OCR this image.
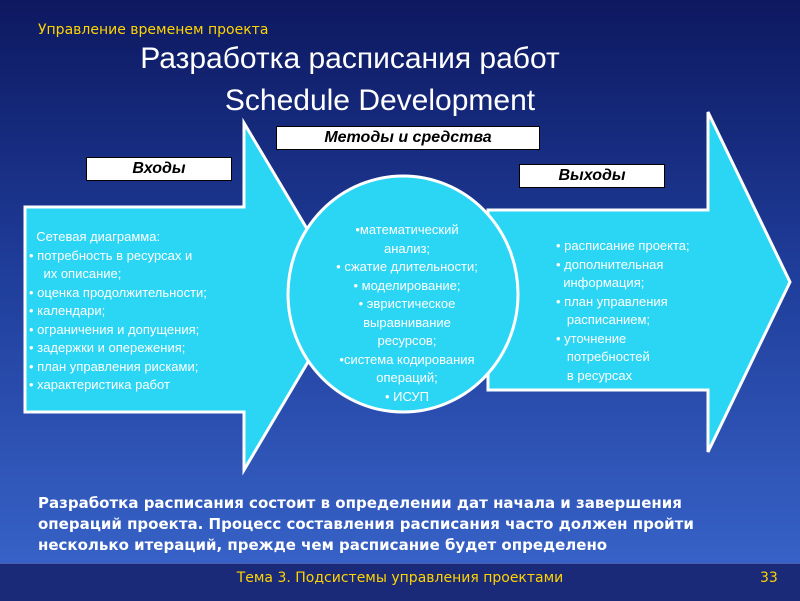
Управление временем проекта
Разработка расписания работ
Schedule Development
Методы и средства
Входы	Выходы
Сетевая диаграмма:
• потребность в ресурсах и
их описание;
• оценка продолжительности;
• календари;
• ограничения и допущения;
• задержки и опережения;
• план управления рисками;
• характеристика работ
•математический
анализ;
• сжатие длительности;
• моделирование;
• эвристическое
выравнивание
ресурсов;
•система кодирования
операций;
• ИСУП
• расписание проекта;
• дополнительная
информация;
• план управления
расписанием;
• уточнение
потребностей
в ресурсах
Разработка расписания состоит в определении дат начала и завершения операций проекта. Процесс составления расписания часто должен пройти несколько итераций, прежде чем расписание будет определено
Тема 3. Подсистемы управления проектами	33
